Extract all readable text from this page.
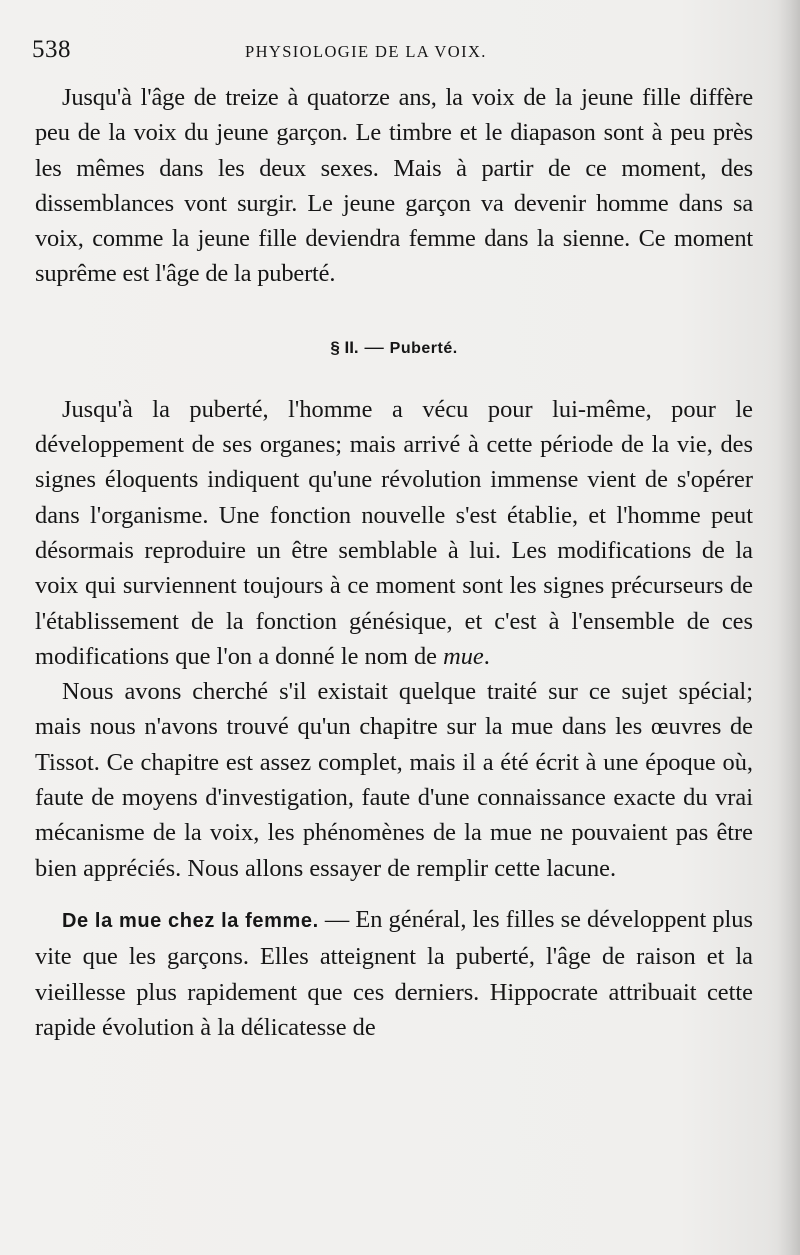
538	PHYSIOLOGIE DE LA VOIX.

Jusqu'à l'âge de treize à quatorze ans, la voix de la jeune fille diffère peu de la voix du jeune garçon. Le timbre et le diapason sont à peu près les mêmes dans les deux sexes. Mais à partir de ce moment, des dissemblances vont surgir. Le jeune garçon va devenir homme dans sa voix, comme la jeune fille deviendra femme dans la sienne. Ce moment suprême est l'âge de la puberté.

§ II. — Puberté.

Jusqu'à la puberté, l'homme a vécu pour lui-même, pour le développement de ses organes; mais arrivé à cette période de la vie, des signes éloquents indiquent qu'une révolution immense vient de s'opérer dans l'organisme. Une fonction nouvelle s'est établie, et l'homme peut désormais reproduire un être semblable à lui. Les modifications de la voix qui surviennent toujours à ce moment sont les signes précurseurs de l'établissement de la fonction génésique, et c'est à l'ensemble de ces modifications que l'on a donné le nom de mue.

Nous avons cherché s'il existait quelque traité sur ce sujet spécial; mais nous n'avons trouvé qu'un chapitre sur la mue dans les œuvres de Tissot. Ce chapitre est assez complet, mais il a été écrit à une époque où, faute de moyens d'investigation, faute d'une connaissance exacte du vrai mécanisme de la voix, les phénomènes de la mue ne pouvaient pas être bien appréciés. Nous allons essayer de remplir cette lacune.

De la mue chez la femme. — En général, les filles se développent plus vite que les garçons. Elles atteignent la puberté, l'âge de raison et la vieillesse plus rapidement que ces derniers. Hippocrate attribuait cette rapide évolution à la délicatesse de
